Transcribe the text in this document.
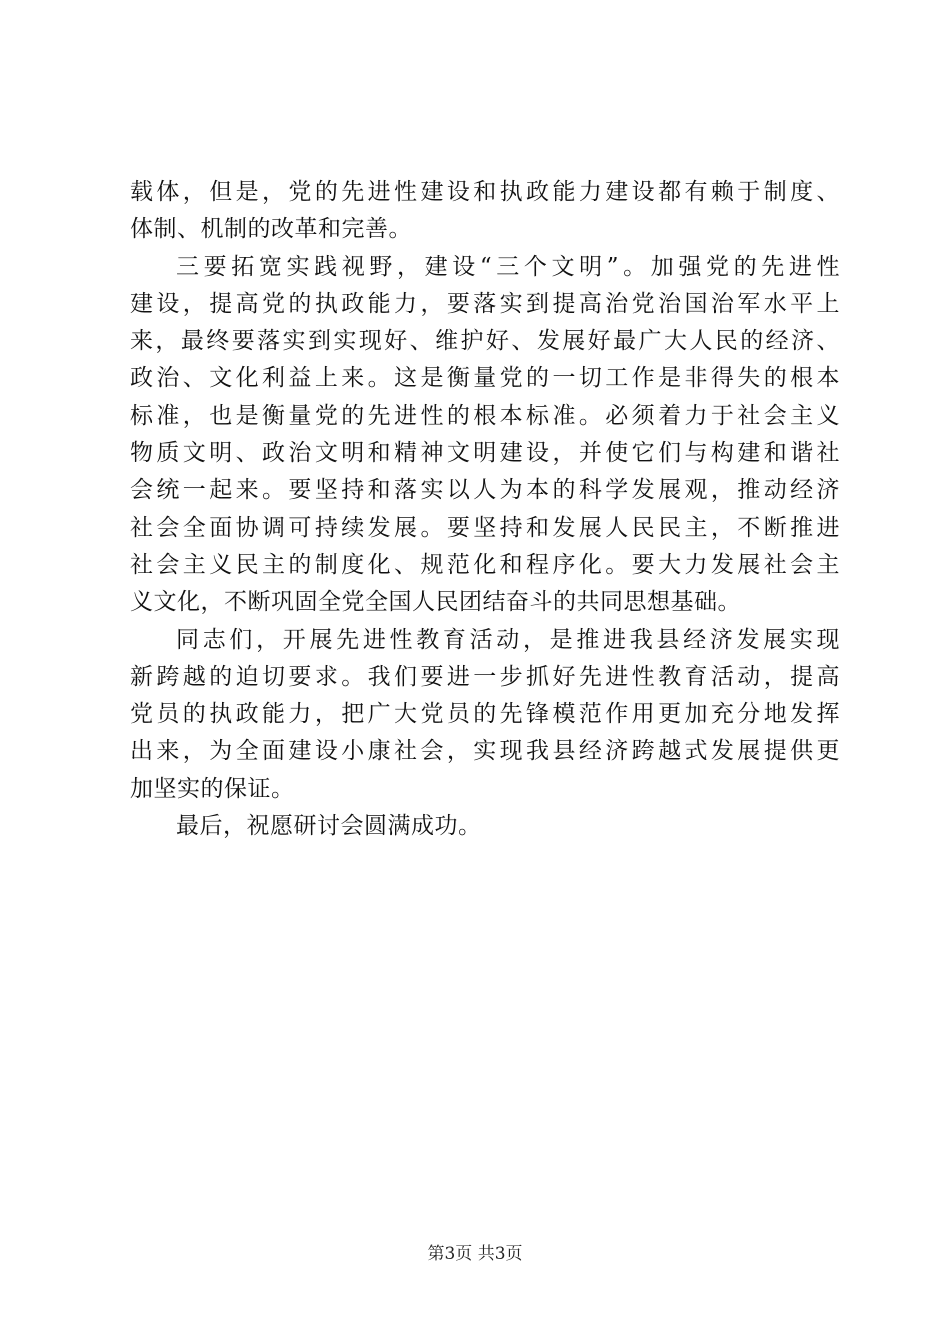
载体，但是，党的先进性建设和执政能力建设都有赖于制度、
体制、机制的改革和完善。
三要拓宽实践视野，建设“三个文明”。加强党的先进性
建设，提高党的执政能力，要落实到提高治党治国治军水平上
来，最终要落实到实现好、维护好、发展好最广大人民的经济、
政治、文化利益上来。这是衡量党的一切工作是非得失的根本
标准，也是衡量党的先进性的根本标准。必须着力于社会主义
物质文明、政治文明和精神文明建设，并使它们与构建和谐社
会统一起来。要坚持和落实以人为本的科学发展观，推动经济
社会全面协调可持续发展。要坚持和发展人民民主，不断推进
社会主义民主的制度化、规范化和程序化。要大力发展社会主
义文化，不断巩固全党全国人民团结奋斗的共同思想基础。
同志们，开展先进性教育活动，是推进我县经济发展实现
新跨越的迫切要求。我们要进一步抓好先进性教育活动，提高
党员的执政能力，把广大党员的先锋模范作用更加充分地发挥
出来，为全面建设小康社会，实现我县经济跨越式发展提供更
加坚实的保证。
最后，祝愿研讨会圆满成功。
第3页 共3页
